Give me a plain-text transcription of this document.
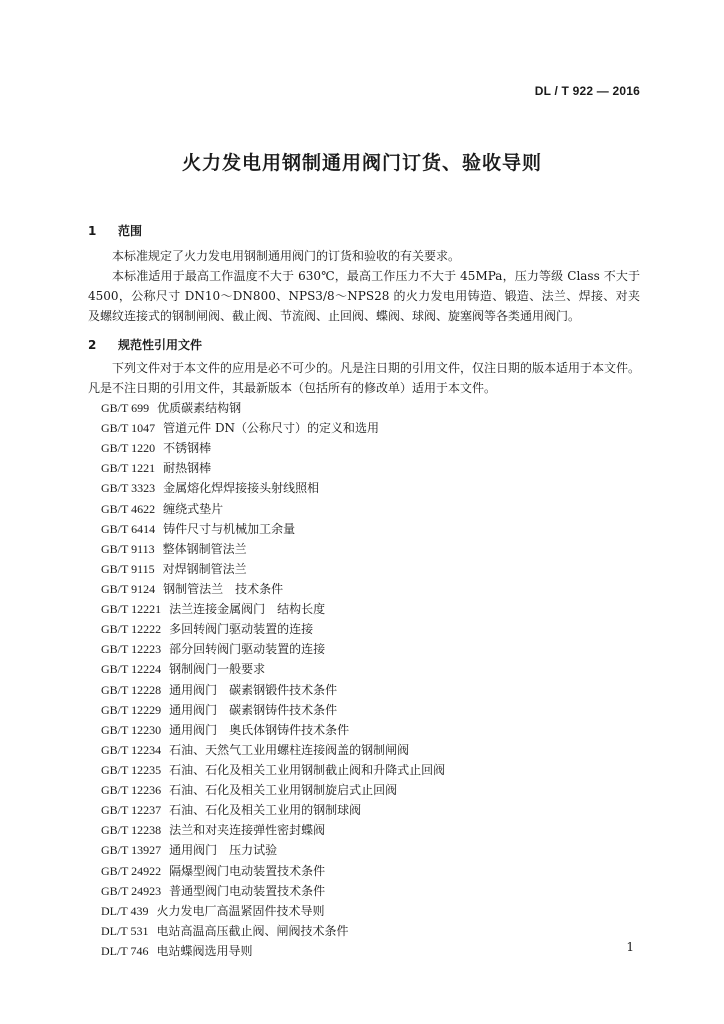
DL / T 922 — 2016
火力发电用钢制通用阀门订货、验收导则
1 范围

本标准规定了火力发电用钢制通用阀门的订货和验收的有关要求。

本标准适用于最高工作温度不大于 630℃，最高工作压力不大于 45MPa，压力等级 Class 不大于 4500，公称尺寸 DN10～DN800、NPS3/8～NPS28 的火力发电用铸造、锻造、法兰、焊接、对夹及螺纹连接式的钢制闸阀、截止阀、节流阀、止回阀、蝶阀、球阀、旋塞阀等各类通用阀门。

2 规范性引用文件

下列文件对于本文件的应用是必不可少的。凡是注日期的引用文件，仅注日期的版本适用于本文件。凡是不注日期的引用文件，其最新版本（包括所有的修改单）适用于本文件。

GB/T 699 优质碳素结构钢
GB/T 1047 管道元件 DN（公称尺寸）的定义和选用
GB/T 1220 不锈钢棒
GB/T 1221 耐热钢棒
GB/T 3323 金属熔化焊焊接接头射线照相
GB/T 4622 缠绕式垫片
GB/T 6414 铸件尺寸与机械加工余量
GB/T 9113 整体钢制管法兰
GB/T 9115 对焊钢制管法兰
GB/T 9124 钢制管法兰　技术条件
GB/T 12221 法兰连接金属阀门　结构长度
GB/T 12222 多回转阀门驱动装置的连接
GB/T 12223 部分回转阀门驱动装置的连接
GB/T 12224 钢制阀门一般要求
GB/T 12228 通用阀门　碳素钢锻件技术条件
GB/T 12229 通用阀门　碳素钢铸件技术条件
GB/T 12230 通用阀门　奥氏体钢铸件技术条件
GB/T 12234 石油、天然气工业用螺柱连接阀盖的钢制闸阀
GB/T 12235 石油、石化及相关工业用钢制截止阀和升降式止回阀
GB/T 12236 石油、石化及相关工业用钢制旋启式止回阀
GB/T 12237 石油、石化及相关工业用的钢制球阀
GB/T 12238 法兰和对夹连接弹性密封蝶阀
GB/T 13927 通用阀门　压力试验
GB/T 24922 隔爆型阀门电动装置技术条件
GB/T 24923 普通型阀门电动装置技术条件
DL/T 439 火力发电厂高温紧固件技术导则
DL/T 531 电站高温高压截止阀、闸阀技术条件
DL/T 746 电站蝶阀选用导则	1
